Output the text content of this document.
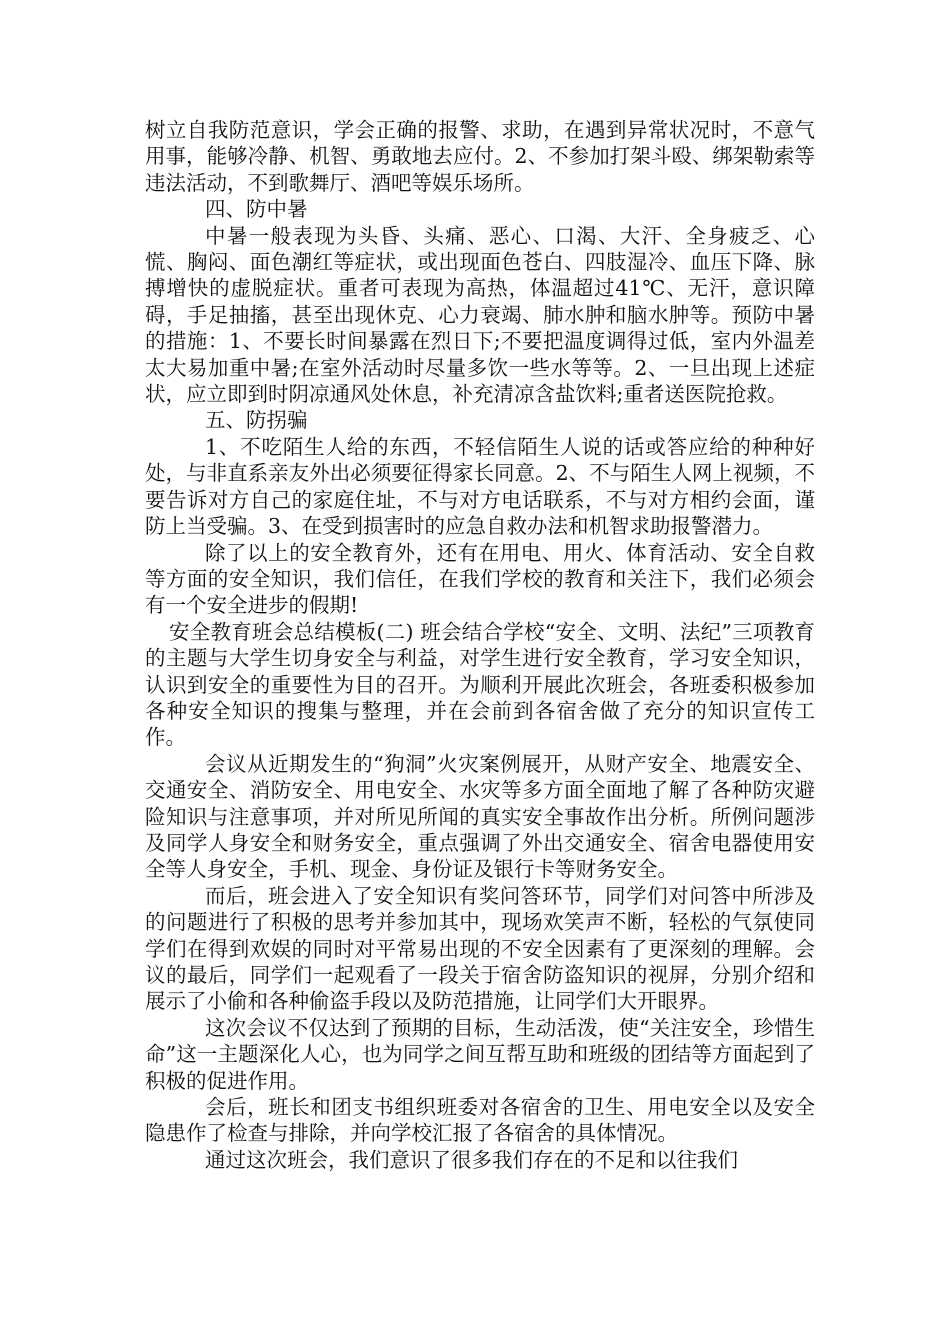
树立自我防范意识，学会正确的报警、求助，在遇到异常状况时，不意气用事，能够冷静、机智、勇敢地去应付。2、不参加打架斗殴、绑架勒索等违法活动，不到歌舞厅、酒吧等娱乐场所。

四、防中暑

中暑一般表现为头昏、头痛、恶心、口渴、大汗、全身疲乏、心慌、胸闷、面色潮红等症状，或出现面色苍白、四肢湿冷、血压下降、脉搏增快的虚脱症状。重者可表现为高热，体温超过41℃、无汗，意识障碍，手足抽搐，甚至出现休克、心力衰竭、肺水肿和脑水肿等。预防中暑的措施：1、不要长时间暴露在烈日下;不要把温度调得过低，室内外温差太大易加重中暑;在室外活动时尽量多饮一些水等等。2、一旦出现上述症状，应立即到时阴凉通风处休息，补充清凉含盐饮料;重者送医院抢救。

五、防拐骗

1、不吃陌生人给的东西，不轻信陌生人说的话或答应给的种种好处，与非直系亲友外出必须要征得家长同意。2、不与陌生人网上视频，不要告诉对方自己的家庭住址，不与对方电话联系，不与对方相约会面，谨防上当受骗。3、在受到损害时的应急自救办法和机智求助报警潜力。

除了以上的安全教育外，还有在用电、用火、体育活动、安全自救等方面的安全知识，我们信任，在我们学校的教育和关注下，我们必须会有一个安全进步的假期!

安全教育班会总结模板(二) 班会结合学校“安全、文明、法纪”三项教育的主题与大学生切身安全与利益，对学生进行安全教育，学习安全知识，认识到安全的重要性为目的召开。为顺利开展此次班会，各班委积极参加各种安全知识的搜集与整理，并在会前到各宿舍做了充分的知识宣传工作。

会议从近期发生的“狗洞”火灾案例展开，从财产安全、地震安全、交通安全、消防安全、用电安全、水灾等多方面全面地了解了各种防灾避险知识与注意事项，并对所见所闻的真实安全事故作出分析。所例问题涉及同学人身安全和财务安全，重点强调了外出交通安全、宿舍电器使用安全等人身安全，手机、现金、身份证及银行卡等财务安全。

而后，班会进入了安全知识有奖问答环节，同学们对问答中所涉及的问题进行了积极的思考并参加其中，现场欢笑声不断，轻松的气氛使同学们在得到欢娱的同时对平常易出现的不安全因素有了更深刻的理解。会议的最后，同学们一起观看了一段关于宿舍防盗知识的视屏，分别介绍和展示了小偷和各种偷盗手段以及防范措施，让同学们大开眼界。

这次会议不仅达到了预期的目标，生动活泼，使“关注安全，珍惜生命”这一主题深化人心，也为同学之间互帮互助和班级的团结等方面起到了积极的促进作用。

会后，班长和团支书组织班委对各宿舍的卫生、用电安全以及安全隐患作了检查与排除，并向学校汇报了各宿舍的具体情况。

通过这次班会，我们意识了很多我们存在的不足和以往我们
